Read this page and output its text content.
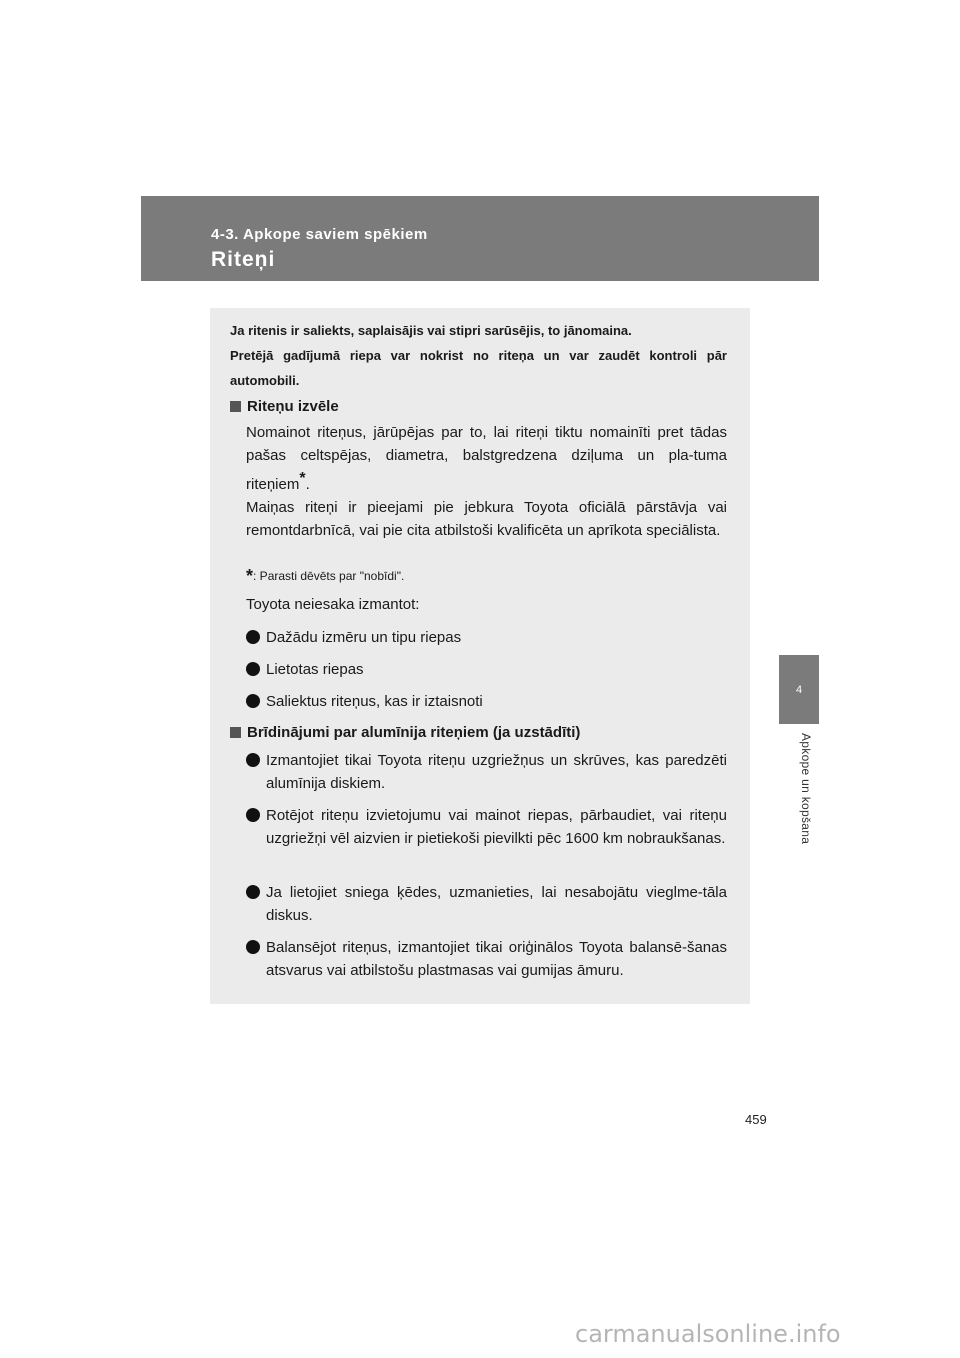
4-3. Apkope saviem spēkiem
Riteņi
4
Apkope un kopšana

Ja ritenis ir saliekts, saplaisājis vai stipri sarūsējis, to jānomaina.

Pretējā gadījumā riepa var nokrist no riteņa un var zaudēt kontroli pār automobili.

Riteņu izvēle

Nomainot riteņus, jārūpējas par to, lai riteņi tiktu nomainīti pret tādas pašas celtspējas, diametra, balstgredzena dziļuma un pla-tuma riteņiem*.

Maiņas riteņi ir pieejami pie jebkura Toyota oficiālā pārstāvja vai remontdarbnīcā, vai pie cita atbilstoši kvalificēta un aprīkota speciālista.

*: Parasti dēvēts par "nobīdi".
Toyota neiesaka izmantot:
Dažādu izmēru un tipu riepas
Lietotas riepas
Saliektus riteņus, kas ir iztaisnoti
Brīdinājumi par alumīnija riteņiem (ja uzstādīti)
Izmantojiet tikai Toyota riteņu uzgriežņus un skrūves, kas paredzēti alumīnija diskiem.
Rotējot riteņu izvietojumu vai mainot riepas, pārbaudiet, vai riteņu uzgriežņi vēl aizvien ir pietiekoši pievilkti pēc 1600 km nobraukšanas.
Ja lietojiet sniega ķēdes, uzmanieties, lai nesabojātu vieglme-tāla diskus.
Balansējot riteņus, izmantojiet tikai oriģinālos Toyota balansē-šanas atsvarus vai atbilstošu plastmasas vai gumijas āmuru.
459
carmanualsonline.info
